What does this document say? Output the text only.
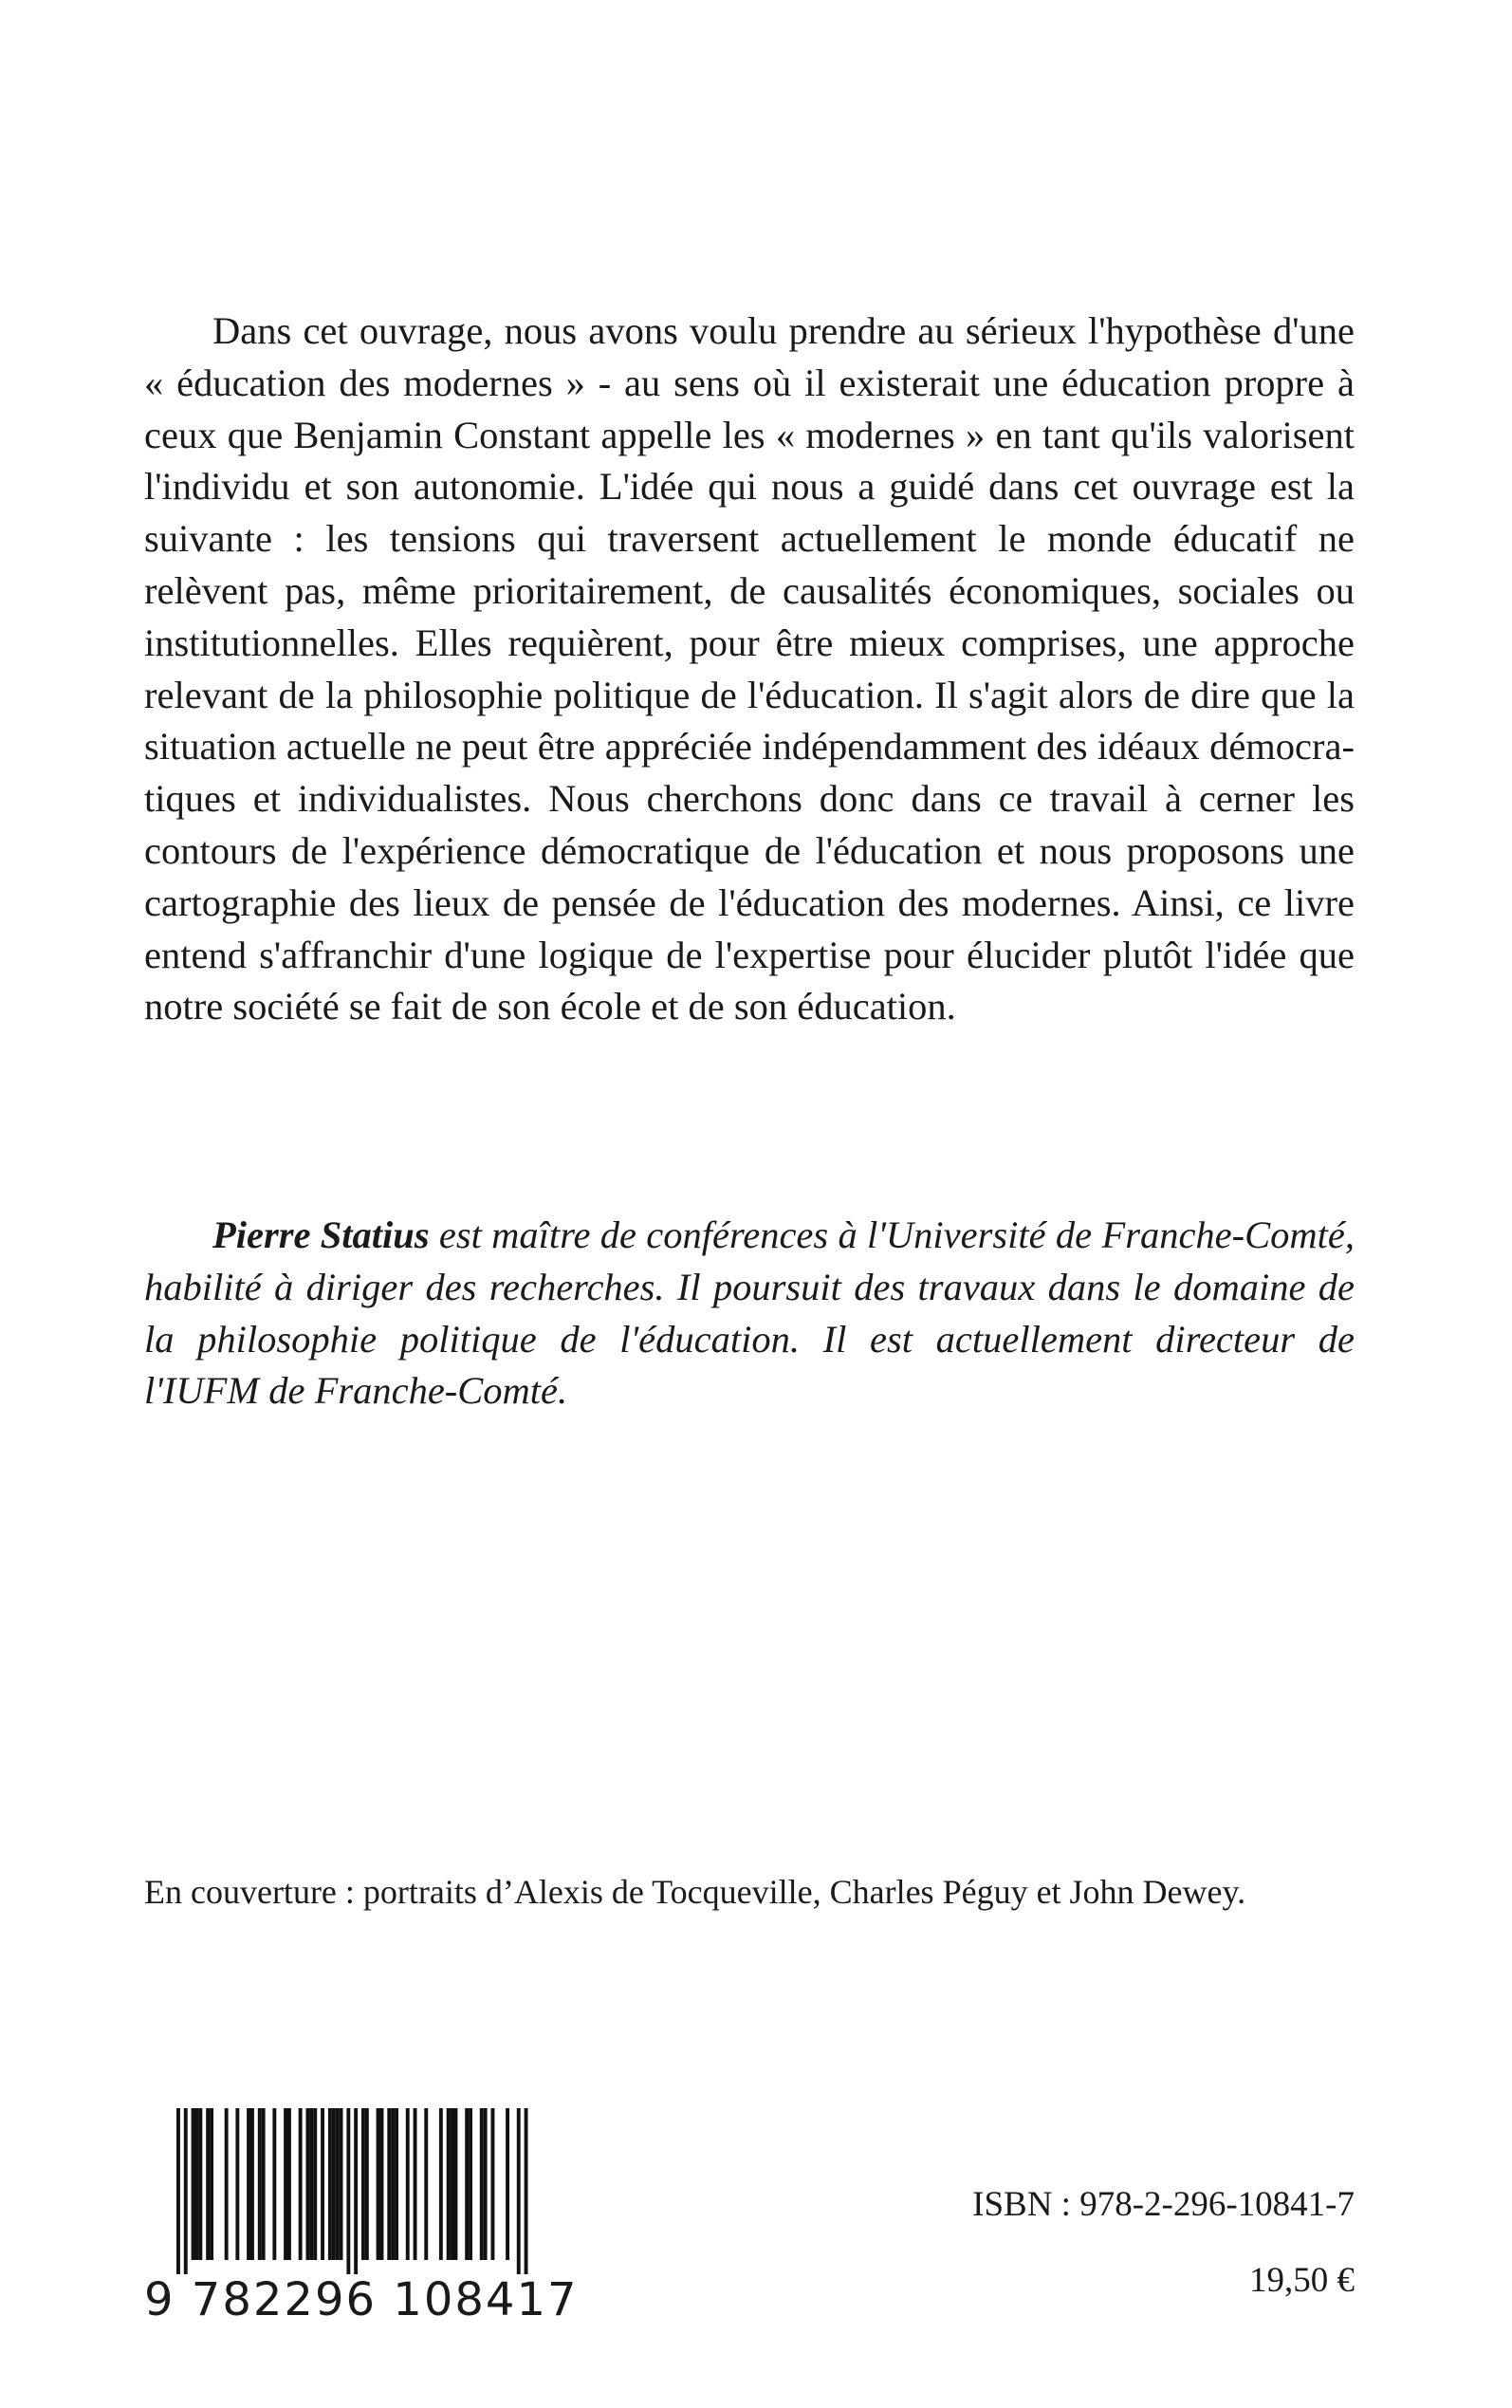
Dans cet ouvrage, nous avons voulu prendre au sérieux l'hypothèse d'une « éducation des modernes » - au sens où il existerait une éducation propre à ceux que Benjamin Constant appelle les « modernes » en tant qu'ils valorisent l'individu et son autonomie. L'idée qui nous a guidé dans cet ouvrage est la suivante : les tensions qui traversent actuellement le monde éducatif ne relèvent pas, même prioritairement, de causalités économiques, sociales ou institutionnelles. Elles requièrent, pour être mieux comprises, une approche relevant de la philosophie politique de l'éducation. Il s'agit alors de dire que la situation actuelle ne peut être appréciée indépendamment des idéaux démocratiques et individualistes. Nous cherchons donc dans ce travail à cerner les contours de l'expérience démocratique de l'éducation et nous proposons une cartographie des lieux de pensée de l'éducation des modernes. Ainsi, ce livre entend s'affranchir d'une logique de l'expertise pour élucider plutôt l'idée que notre société se fait de son école et de son éducation.

Pierre Statius est maître de conférences à l'Université de Franche-Comté, habilité à diriger des recherches. Il poursuit des travaux dans le domaine de la philosophie politique de l'éducation. Il est actuellement directeur de l'IUFM de Franche-Comté.

En couverture : portraits d’Alexis de Tocqueville, Charles Péguy et John Dewey.

9 782296 108417

ISBN : 978-2-296-10841-7

19,50 €
